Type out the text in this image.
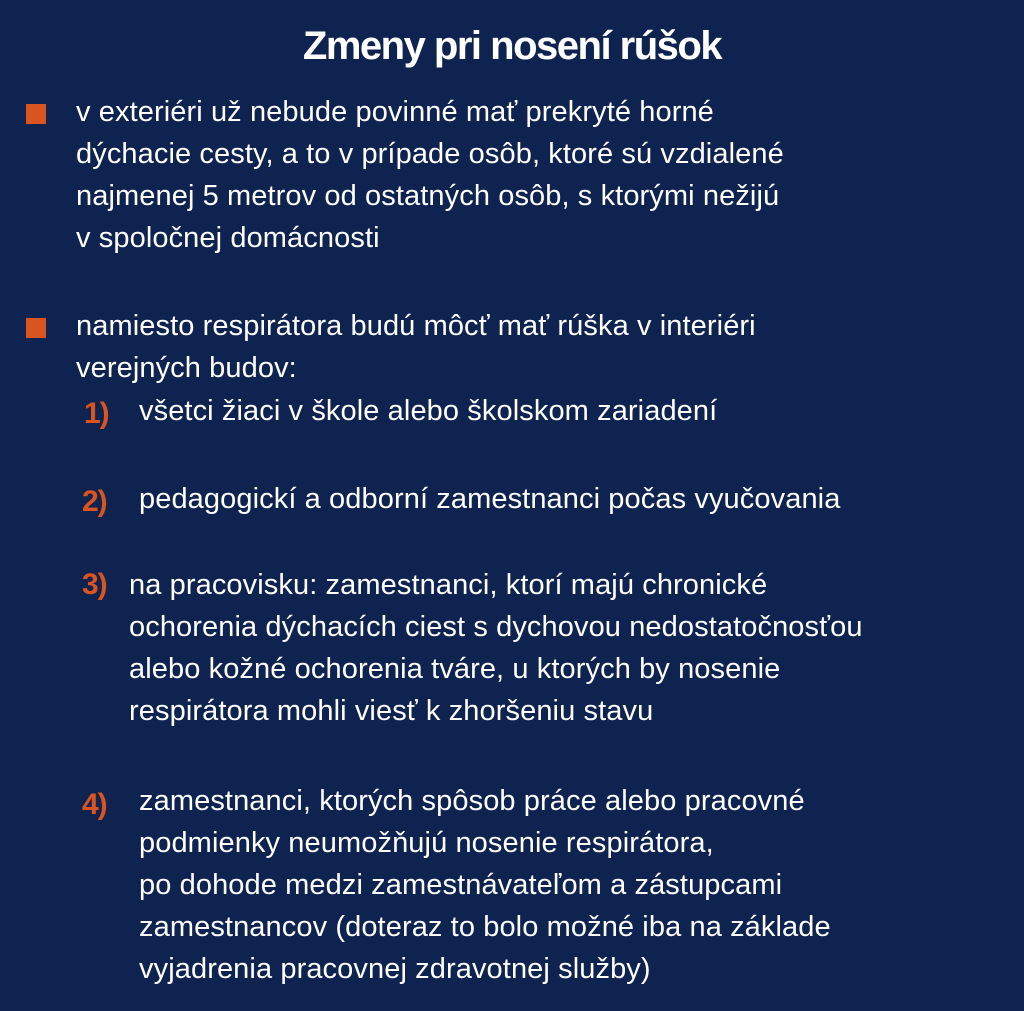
Zmeny pri nosení rúšok
v exteriéri už nebude povinné mať prekryté horné
dýchacie cesty, a to v prípade osôb, ktoré sú vzdialené
najmenej 5 metrov od ostatných osôb, s ktorými nežijú
v spoločnej domácnosti
namiesto respirátora budú môcť mať rúška v interiéri
verejných budov:
1) všetci žiaci v škole alebo školskom zariadení
2) pedagogickí a odborní zamestnanci počas vyučovania
3) na pracovisku: zamestnanci, ktorí majú chronické
ochorenia dýchacích ciest s dychovou nedostatočnosťou
alebo kožné ochorenia tváre, u ktorých by nosenie
respirátora mohli viesť k zhoršeniu stavu
4) zamestnanci, ktorých spôsob práce alebo pracovné
podmienky neumožňujú nosenie respirátora,
po dohode medzi zamestnávateľom a zástupcami
zamestnancov (doteraz to bolo možné iba na základe
vyjadrenia pracovnej zdravotnej služby)
